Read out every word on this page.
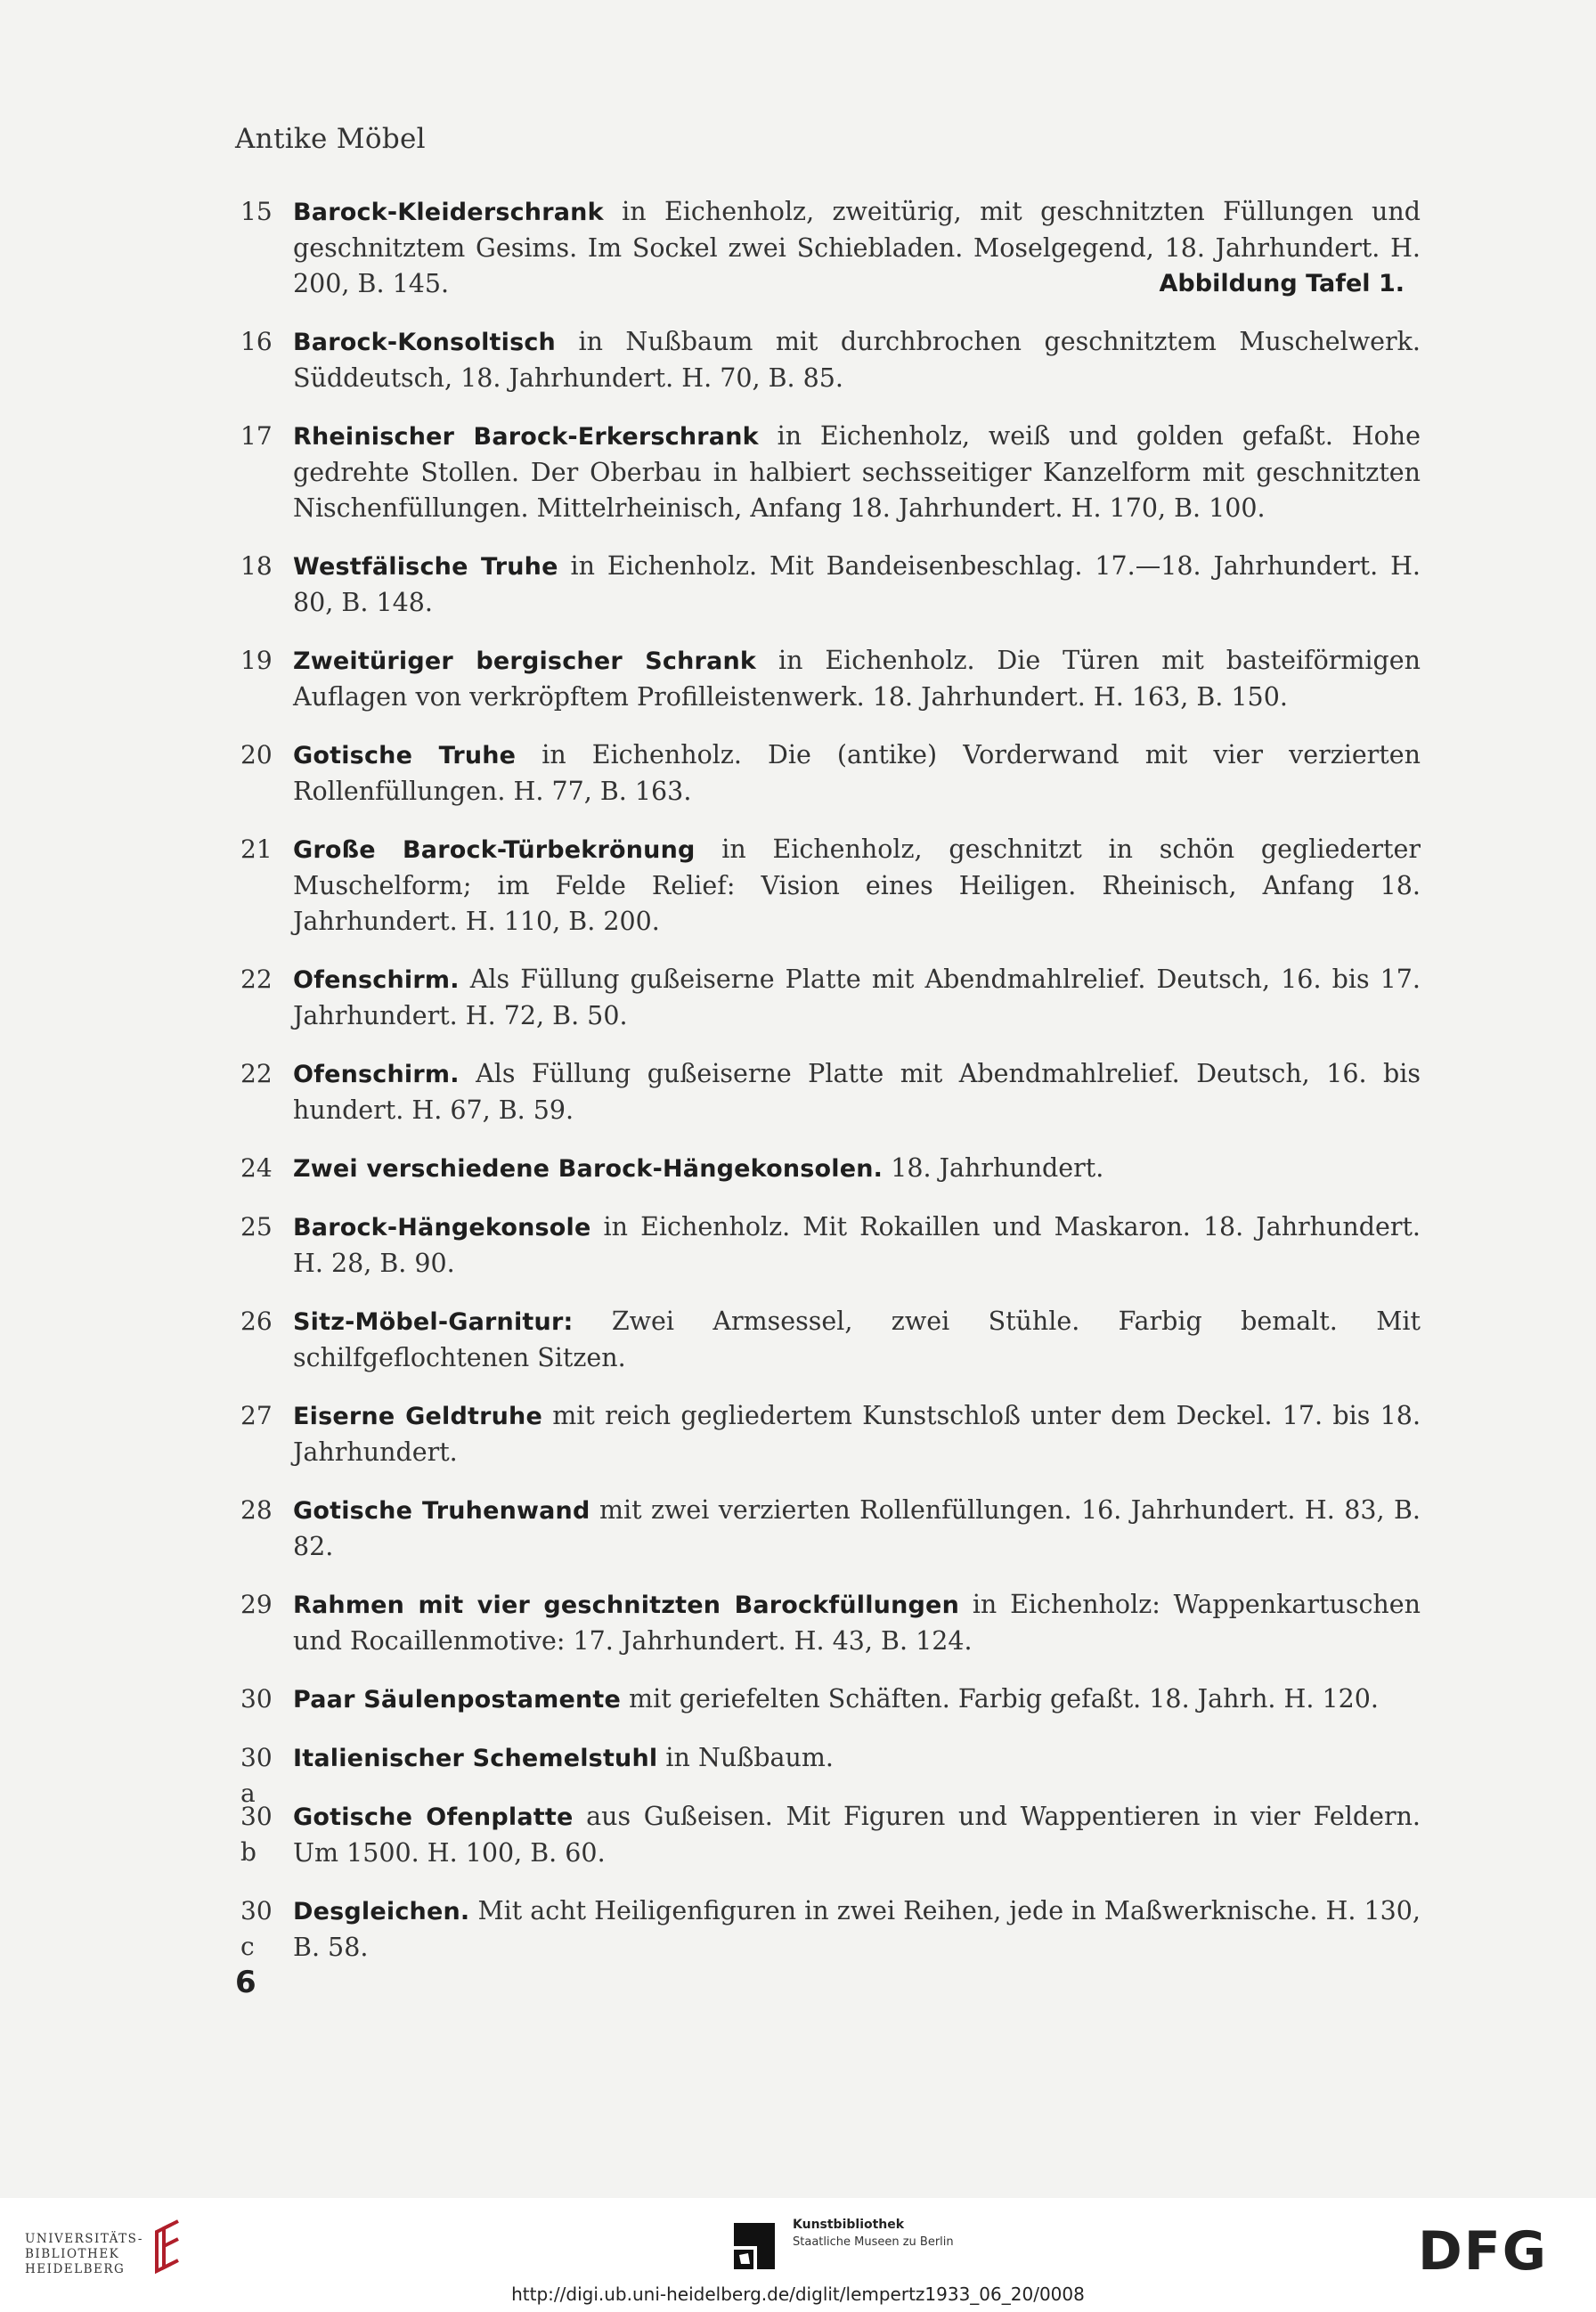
Antike Möbel
15 Barock-Kleiderschrank in Eichenholz, zweitürig, mit geschnitzten Füllungen und geschnitztem Gesims. Im Sockel zwei Schiebladen. Moselgegend, 18. Jahrhundert. H. 200, B. 145.	Abbildung Tafel 1.
16 Barock-Konsoltisch in Nußbaum mit durchbrochen geschnitztem Muschelwerk. Süddeutsch, 18. Jahrhundert. H. 70, B. 85.
17 Rheinischer Barock-Erkerschrank in Eichenholz, weiß und golden gefaßt. Hohe gedrehte Stollen. Der Oberbau in halbiert sechsseitiger Kanzelform mit geschnitzten Nischenfüllungen. Mittelrheinisch, Anfang 18. Jahrhundert. H. 170, B. 100.
18 Westfälische Truhe in Eichenholz. Mit Bandeisenbeschlag. 17.—18. Jahrhundert. H. 80, B. 148.
19 Zweitüriger bergischer Schrank in Eichenholz. Die Türen mit basteiförmigen Auflagen von verkröpftem Profilleistenwerk. 18. Jahrhundert. H. 163, B. 150.
20 Gotische Truhe in Eichenholz. Die (antike) Vorderwand mit vier verzierten Rollenfüllungen. H. 77, B. 163.
21 Große Barock-Türbekrönung in Eichenholz, geschnitzt in schön gegliederter Muschelform; im Felde Relief: Vision eines Heiligen. Rheinisch, Anfang 18. Jahrhundert. H. 110, B. 200.
22 Ofenschirm. Als Füllung gußeiserne Platte mit Abendmahlrelief. Deutsch, 16. bis 17. Jahrhundert. H. 72, B. 50.
22 Ofenschirm. Als Füllung gußeiserne Platte mit Abendmahlrelief. Deutsch, 16. bis hundert. H. 67, B. 59.
24 Zwei verschiedene Barock-Hängekonsolen. 18. Jahrhundert.
25 Barock-Hängekonsole in Eichenholz. Mit Rokaillen und Maskaron. 18. Jahrhundert. H. 28, B. 90.
26 Sitz-Möbel-Garnitur: Zwei Armsessel, zwei Stühle. Farbig bemalt. Mit schilfgeflochtenen Sitzen.
27 Eiserne Geldtruhe mit reich gegliedertem Kunstschloß unter dem Deckel. 17. bis 18. Jahrhundert.
28 Gotische Truhenwand mit zwei verzierten Rollenfüllungen. 16. Jahrhundert. H. 83, B. 82.
29 Rahmen mit vier geschnitzten Barockfüllungen in Eichenholz: Wappenkartuschen und Rocaillenmotive: 17. Jahrhundert. H. 43, B. 124.
30 Paar Säulenpostamente mit geriefelten Schäften. Farbig gefaßt. 18. Jahrh. H. 120.
30 a
Italienischer Schemelstuhl in Nußbaum.
30 b
Gotische Ofenplatte aus Gußeisen. Mit Figuren und Wappentieren in vier Feldern. Um 1500. H. 100, B. 60.
30 c
Desgleichen. Mit acht Heiligenfiguren in zwei Reihen, jede in Maßwerknische. H. 130, B. 58.
6
UNIVERSITÄTS-
BIBLIOTHEK
HEIDELBERG
Kunstbibliothek
Staatliche Museen zu Berlin	DFG
http://digi.ub.uni-heidelberg.de/diglit/lempertz1933_06_20/0008
